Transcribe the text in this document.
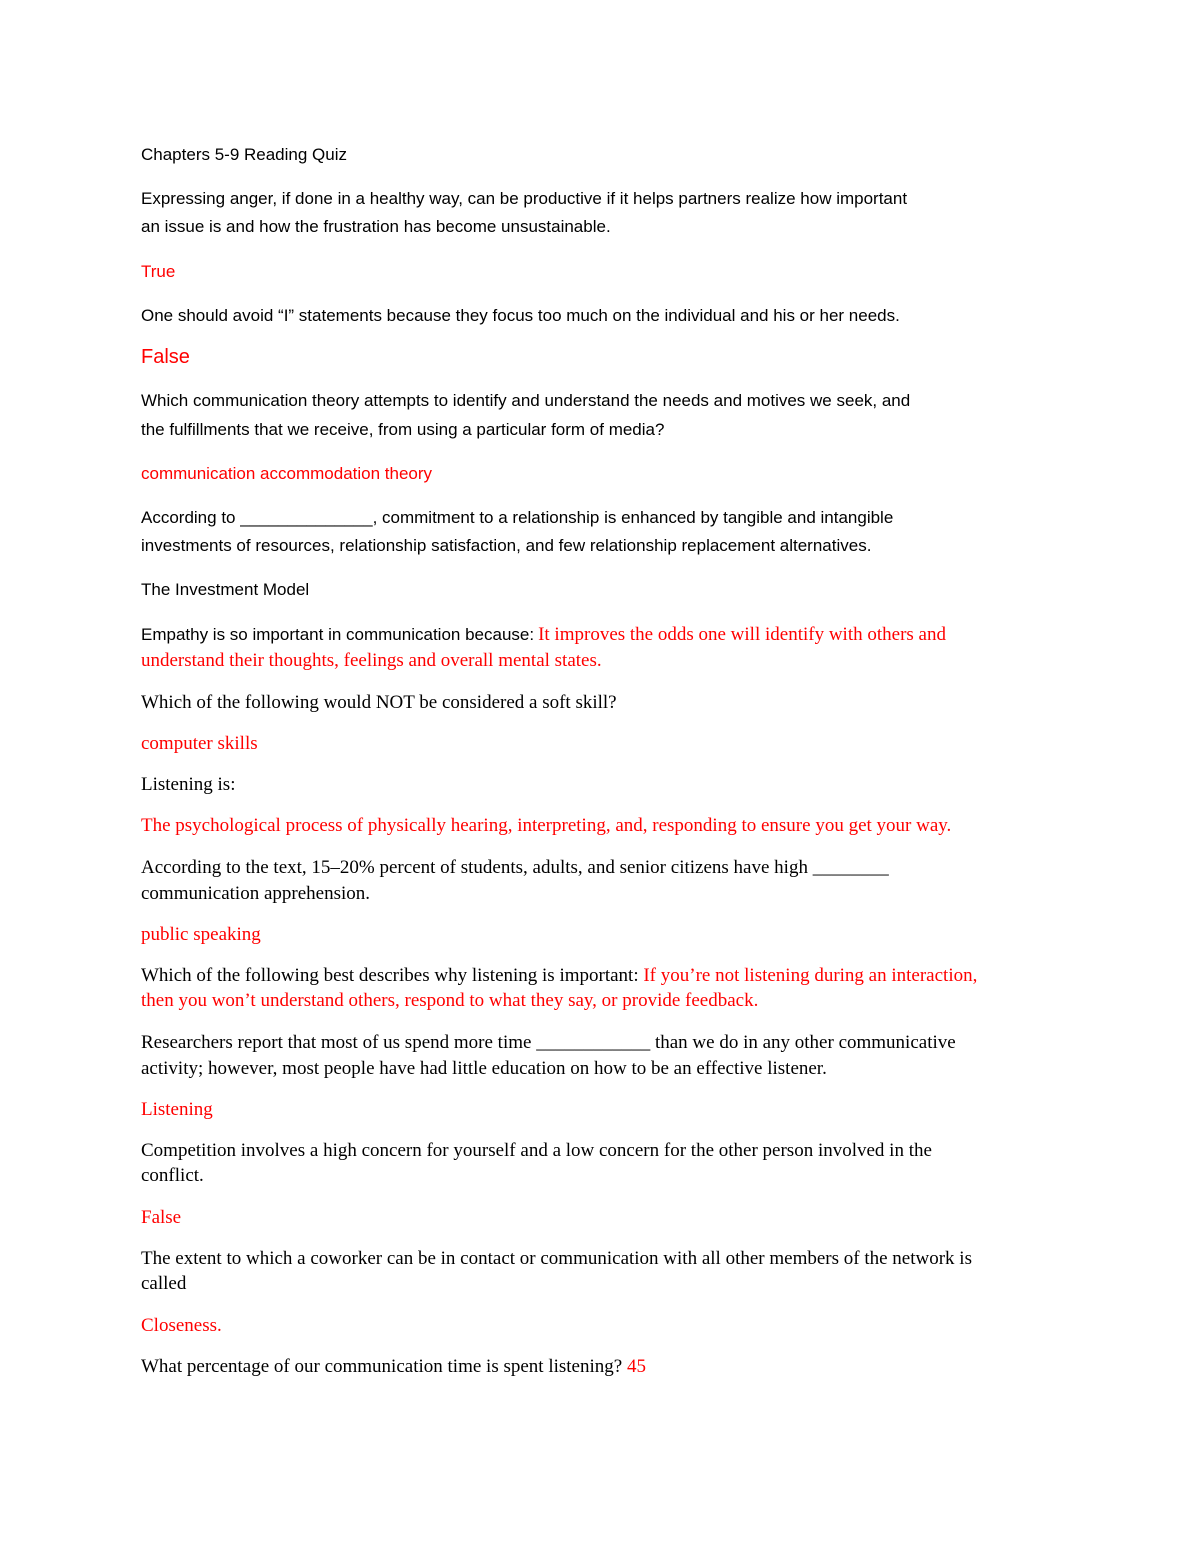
Chapters 5-9 Reading Quiz

Expressing anger, if done in a healthy way, can be productive if it helps partners realize how important

an issue is and how the frustration has become unsustainable.

True

One should avoid “I” statements because they focus too much on the individual and his or her needs.

False

Which communication theory attempts to identify and understand the needs and motives we seek, and

the fulfillments that we receive, from using a particular form of media?

communication accommodation theory

According to ______________, commitment to a relationship is enhanced by tangible and intangible

investments of resources, relationship satisfaction, and few relationship replacement alternatives.

The Investment Model

Empathy is so important in communication because: It improves the odds one will identify with others and

understand their thoughts, feelings and overall mental states.

Which of the following would NOT be considered a soft skill?

computer skills

Listening is:

The psychological process of physically hearing, interpreting, and, responding to ensure you get your way.

According to the text, 15–20% percent of students, adults, and senior citizens have high ________

communication apprehension.

public speaking

Which of the following best describes why listening is important: If you’re not listening during an interaction,

then you won’t understand others, respond to what they say, or provide feedback.

Researchers report that most of us spend more time ____________ than we do in any other communicative

activity; however, most people have had little education on how to be an effective listener.

Listening

Competition involves a high concern for yourself and a low concern for the other person involved in the

conflict.

False

The extent to which a coworker can be in contact or communication with all other members of the network is

called

Closeness.

What percentage of our communication time is spent listening? 45
